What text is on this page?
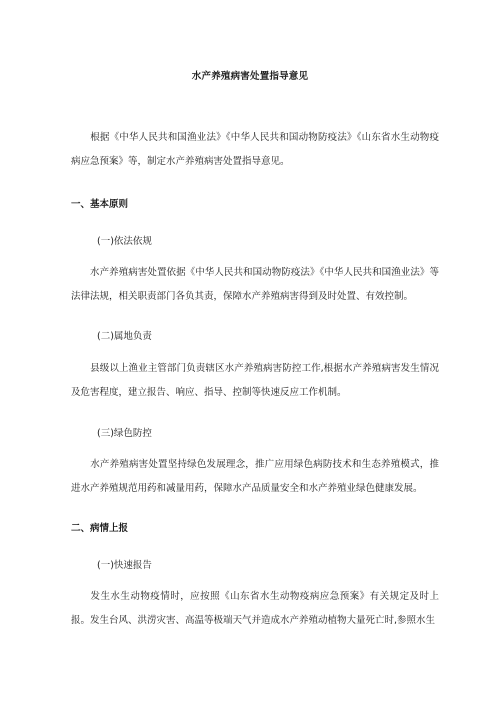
水产养殖病害处置指导意见

根据《中华人民共和国渔业法》《中华人民共和国动物防疫法》《山东省水生动物疫病应急预案》等，制定水产养殖病害处置指导意见。

一、基本原则
(一)依法依规

水产养殖病害处置依据《中华人民共和国动物防疫法》《中华人民共和国渔业法》等法律法规，相关职责部门各负其责，保障水产养殖病害得到及时处置、有效控制。

(二)属地负责

县级以上渔业主管部门负责辖区水产养殖病害防控工作,根据水产养殖病害发生情况及危害程度，建立报告、响应、指导、控制等快速反应工作机制。

(三)绿色防控

水产养殖病害处置坚持绿色发展理念，推广应用绿色病防技术和生态养殖模式，推进水产养殖规范用药和减量用药，保障水产品质量安全和水产养殖业绿色健康发展。

二、病情上报
(一)快速报告

发生水生动物疫情时，应按照《山东省水生动物疫病应急预案》有关规定及时上报。发生台风、洪涝灾害、高温等极端天气并造成水产养殖动植物大量死亡时,参照水生
